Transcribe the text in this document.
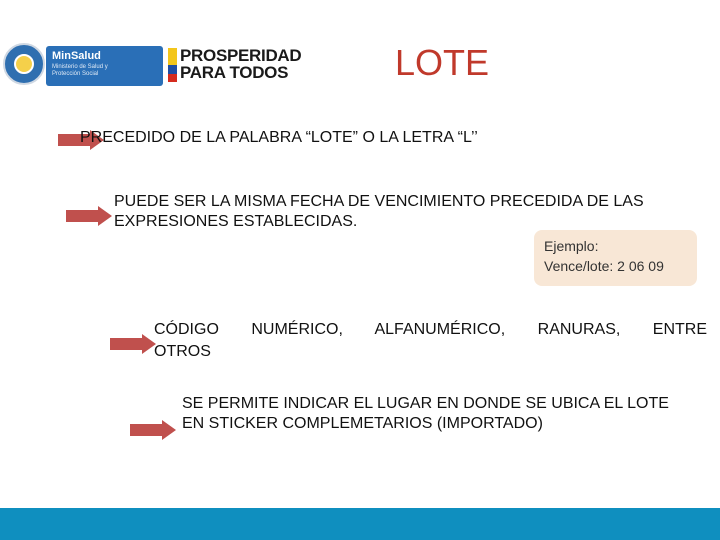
MinSalud
Ministerio de Salud y Protección Social
PROSPERIDAD
PARA TODOS	LOTE
PRECEDIDO DE LA PALABRA “LOTE” O LA LETRA “L’’
PUEDE SER LA MISMA FECHA DE VENCIMIENTO PRECEDIDA DE LAS EXPRESIONES ESTABLECIDAS.
Ejemplo:
Vence/lote: 2 06 09
CÓDIGO NUMÉRICO, ALFANUMÉRICO, RANURAS, ENTRE
OTROS
SE PERMITE INDICAR EL LUGAR EN DONDE SE UBICA EL LOTE EN STICKER COMPLEMETARIOS (IMPORTADO)
